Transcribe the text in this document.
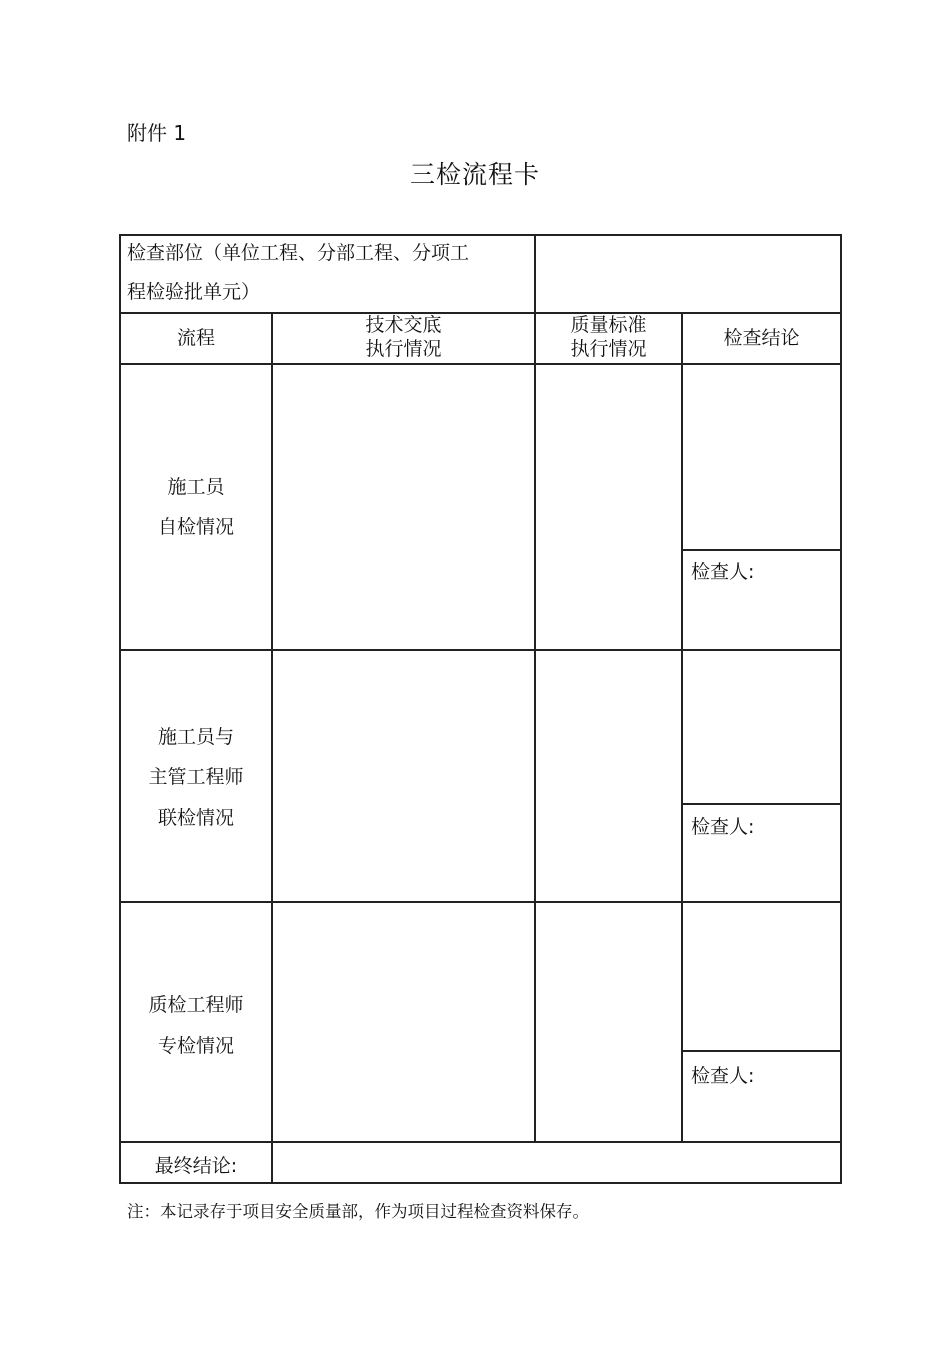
附件 1
三检流程卡
检查部位（单位工程、分部工程、分项工
程检验批单元）
流程
技术交底
执行情况
质量标准
执行情况	检查结论
施工员
自检情况
检查人:
施工员与
主管工程师
联检情况	检查人:
质检工程师
专检情况
检查人:
最终结论:
注：本记录存于项目安全质量部，作为项目过程检查资料保存。
